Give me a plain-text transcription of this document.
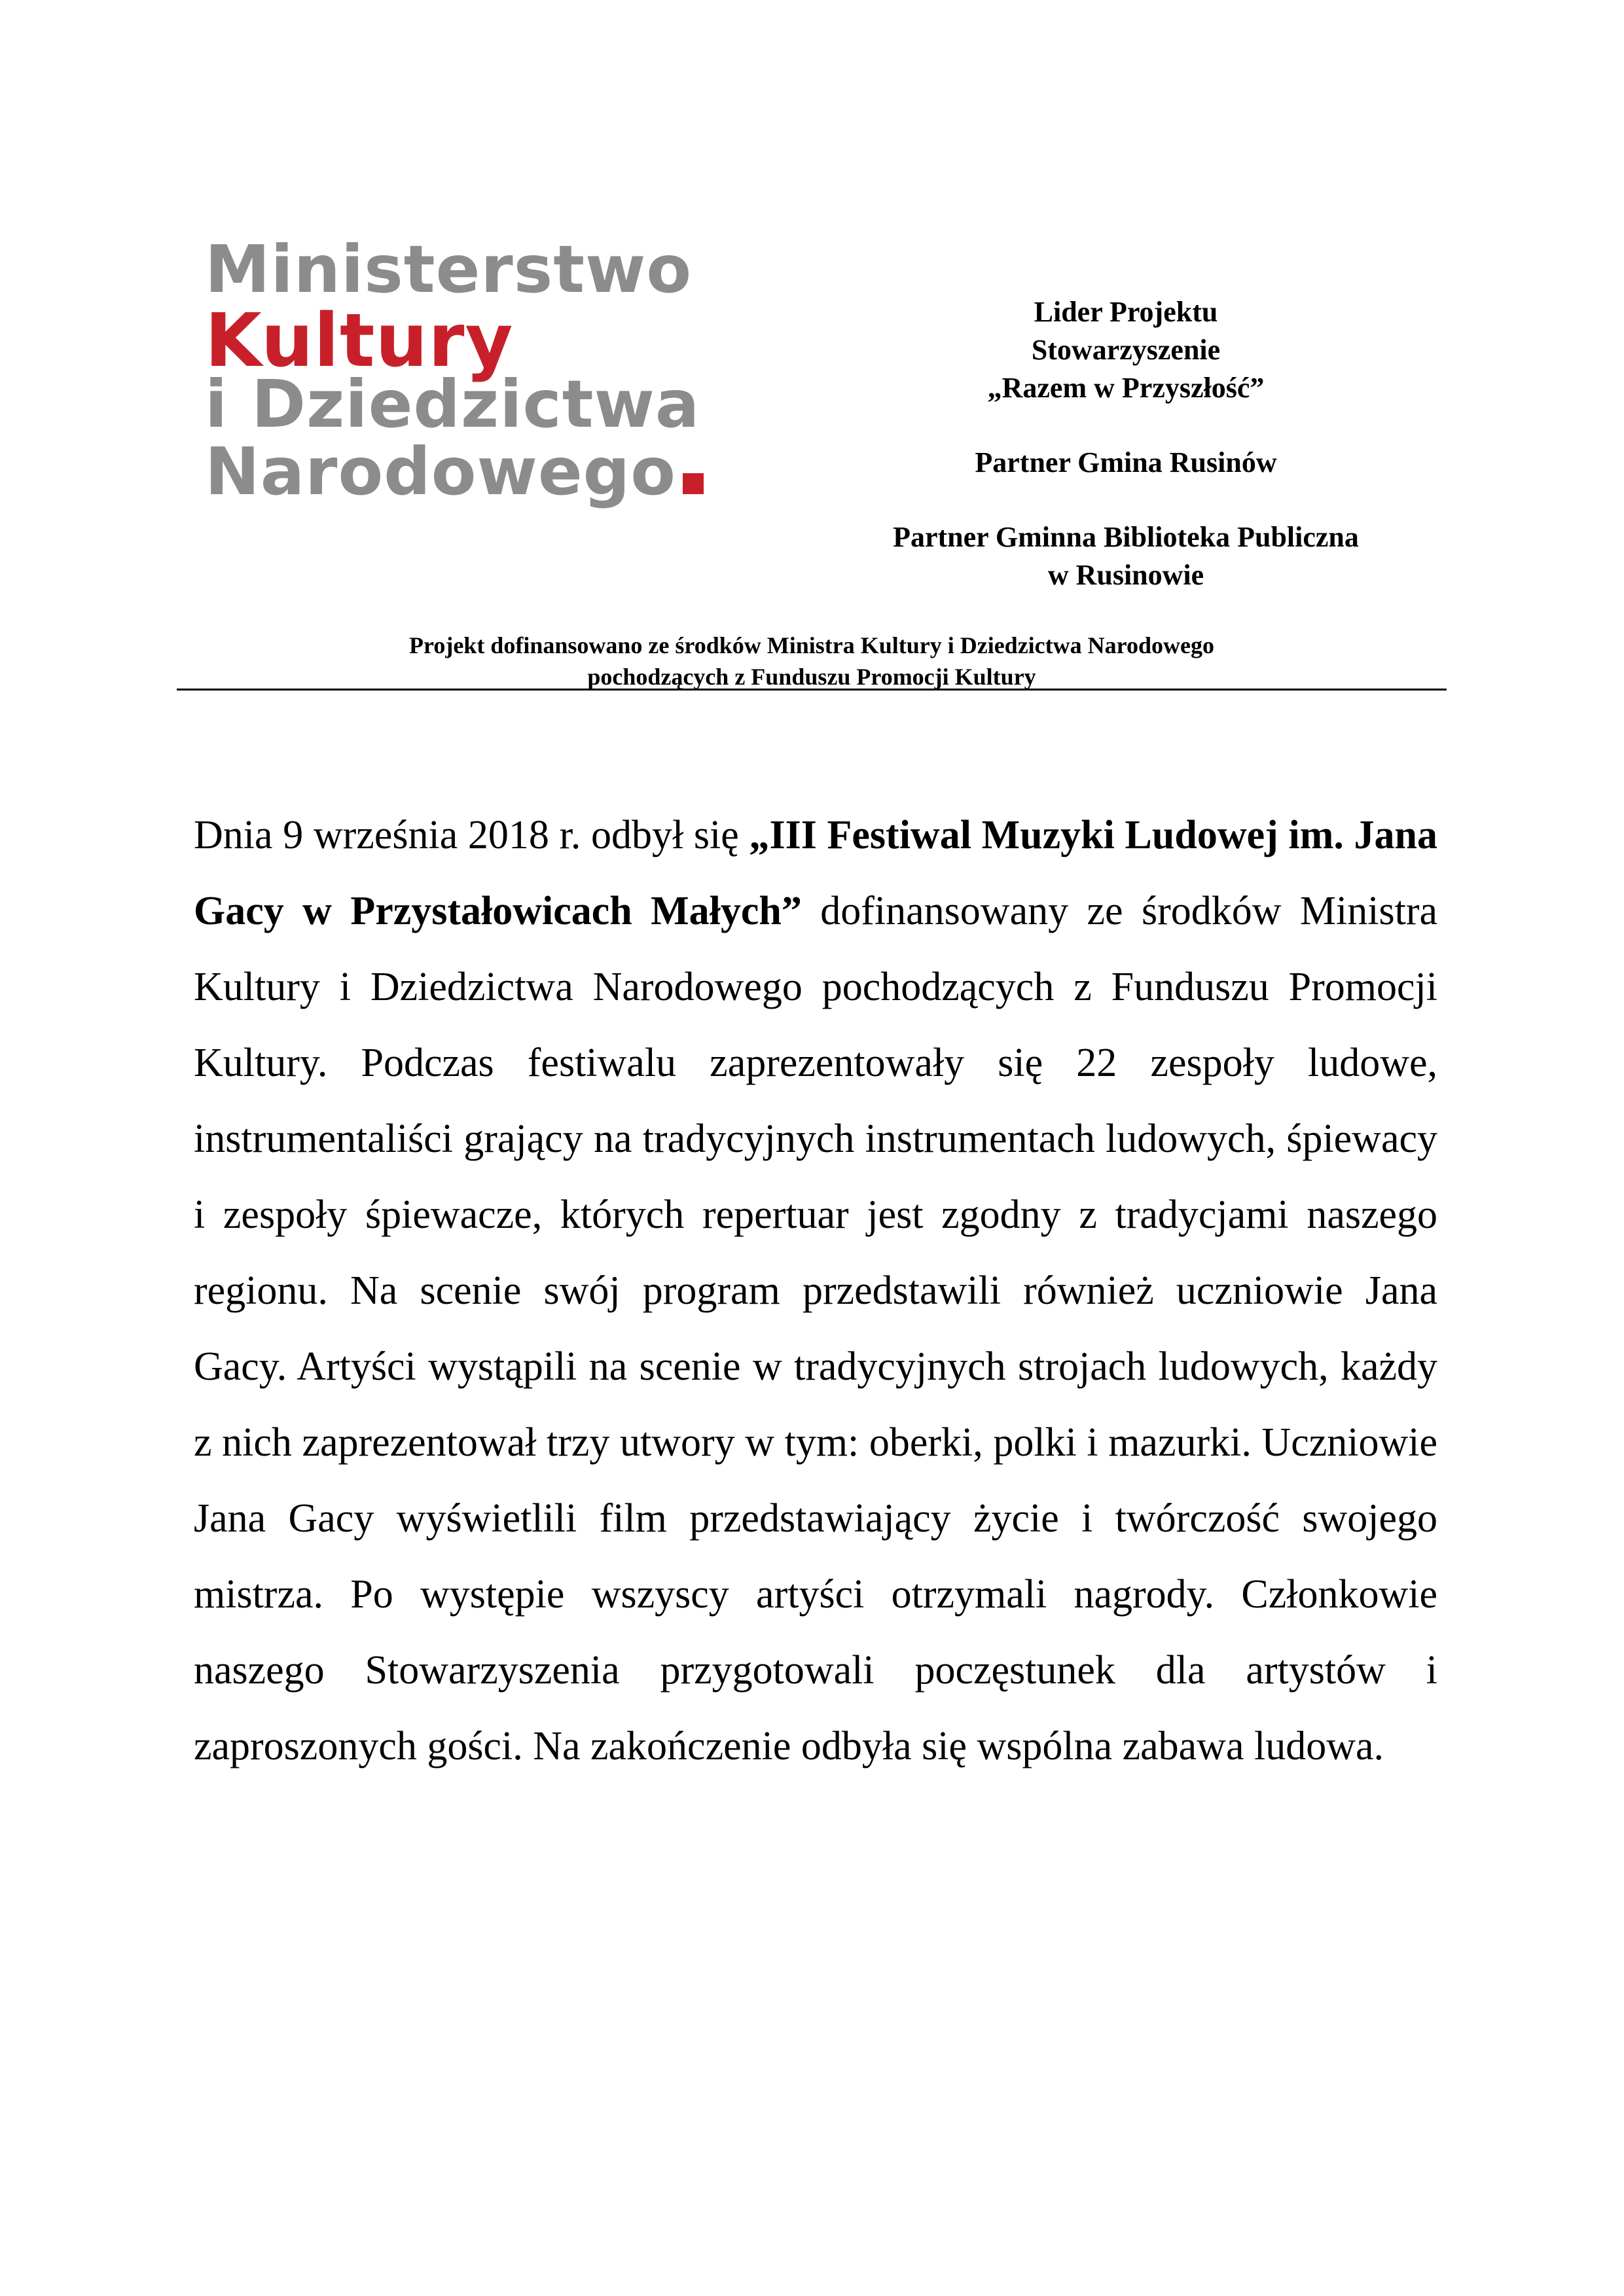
Ministerstwo
Kultury
i Dziedzictwa
Narodowego
Lider Projektu
Stowarzyszenie
„Razem w Przyszłość”
Partner Gmina Rusinów
Partner Gminna Biblioteka Publiczna
w Rusinowie
Projekt dofinansowano ze środków Ministra Kultury i Dziedzictwa Narodowego
pochodzących z Funduszu Promocji Kultury
Dnia 9 września 2018 r. odbył się „III Festiwal Muzyki Ludowej im. Jana Gacy w Przystałowicach Małych” dofinansowany ze środków Ministra Kultury i Dziedzictwa Narodowego pochodzących z Funduszu Promocji Kultury. Podczas festiwalu zaprezentowały się 22 zespoły ludowe, instrumentaliści grający na tradycyjnych instrumentach ludowych, śpiewacy i zespoły śpiewacze, których repertuar jest zgodny z tradycjami naszego regionu. Na scenie swój program przedstawili również uczniowie Jana Gacy. Artyści wystąpili na scenie w tradycyjnych strojach ludowych, każdy z nich zaprezentował trzy utwory w tym: oberki, polki i mazurki. Uczniowie Jana Gacy wyświetlili film przedstawiający życie i twórczość swojego mistrza. Po występie wszyscy artyści otrzymali nagrody. Członkowie naszego Stowarzyszenia przygotowali poczęstunek dla artystów i zaproszonych gości. Na zakończenie odbyła się wspólna zabawa ludowa.
